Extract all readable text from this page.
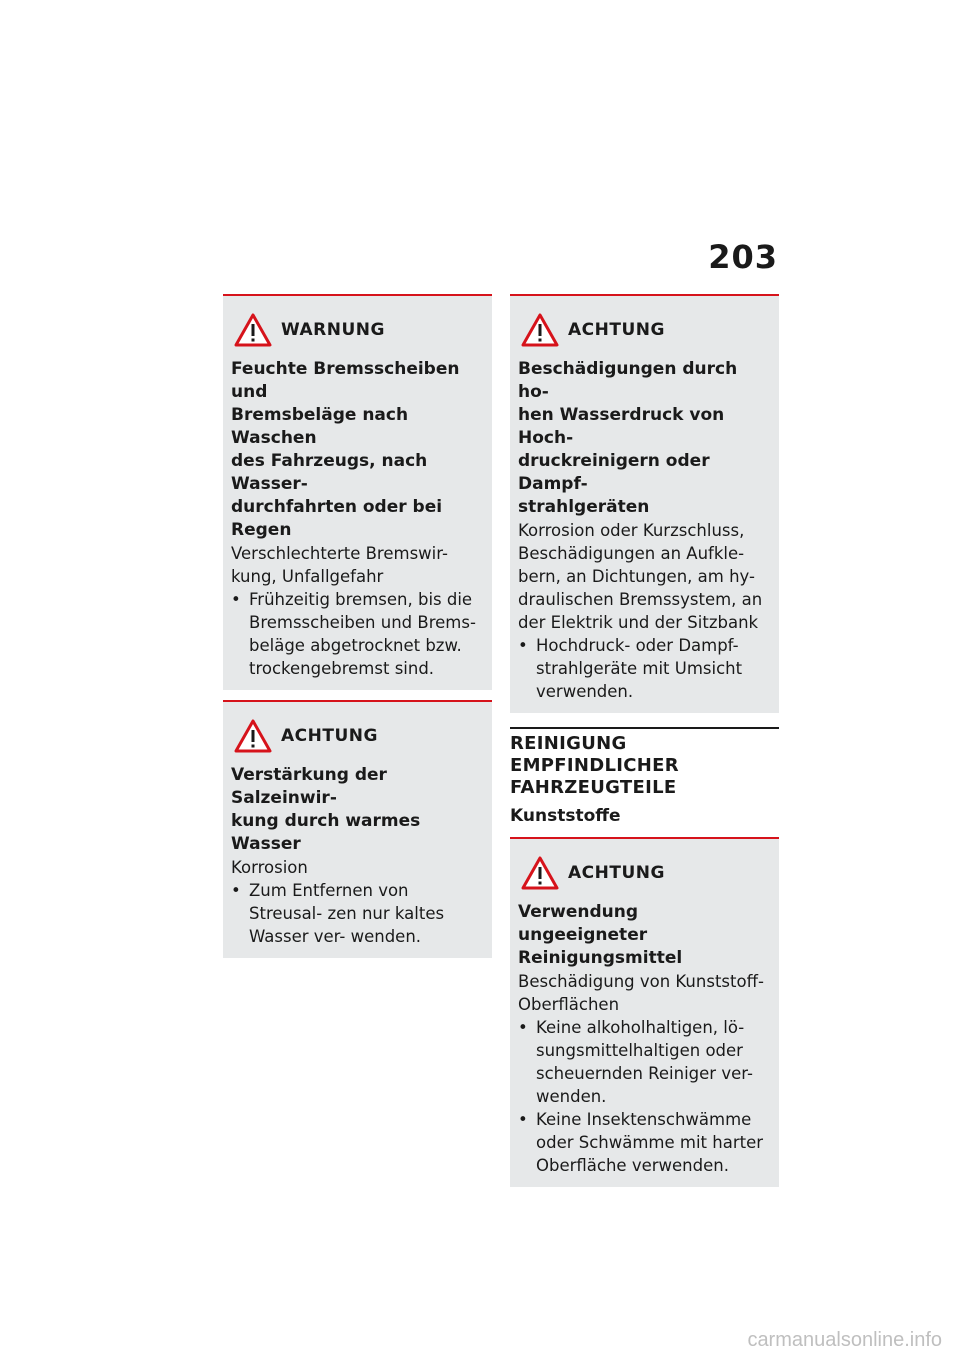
203
WARNUNG
Feuchte Bremsscheiben und
Bremsbeläge nach Waschen
des Fahrzeugs, nach Wasser-
durchfahrten oder bei Regen
Verschlechterte Bremswir-
kung, Unfallgefahr
• Frühzeitig bremsen, bis die Bremsscheiben und Brems- beläge abgetrocknet bzw. trockengebremst sind.
ACHTUNG
Verstärkung der Salzeinwir-
kung durch warmes Wasser
Korrosion
• Zum Entfernen von Streusal- zen nur kaltes Wasser ver- wenden.
ACHTUNG
Beschädigungen durch ho-
hen Wasserdruck von Hoch-
druckreinigern oder Dampf-
strahlgeräten
Korrosion oder Kurzschluss,
Beschädigungen an Aufkle-
bern, an Dichtungen, am hy-
draulischen Bremssystem, an
der Elektrik und der Sitzbank
• Hochdruck- oder Dampf- strahlgeräte mit Umsicht verwenden.
REINIGUNG EMPFINDLICHER
FAHRZEUGTEILE
Kunststoffe
ACHTUNG
Verwendung ungeeigneter
Reinigungsmittel
Beschädigung von Kunststoff-
Oberflächen
• Keine alkoholhaltigen, lö- sungsmittelhaltigen oder scheuernden Reiniger ver- wenden.
• Keine Insektenschwämme oder Schwämme mit harter Oberfläche verwenden.
carmanualsonline.info
